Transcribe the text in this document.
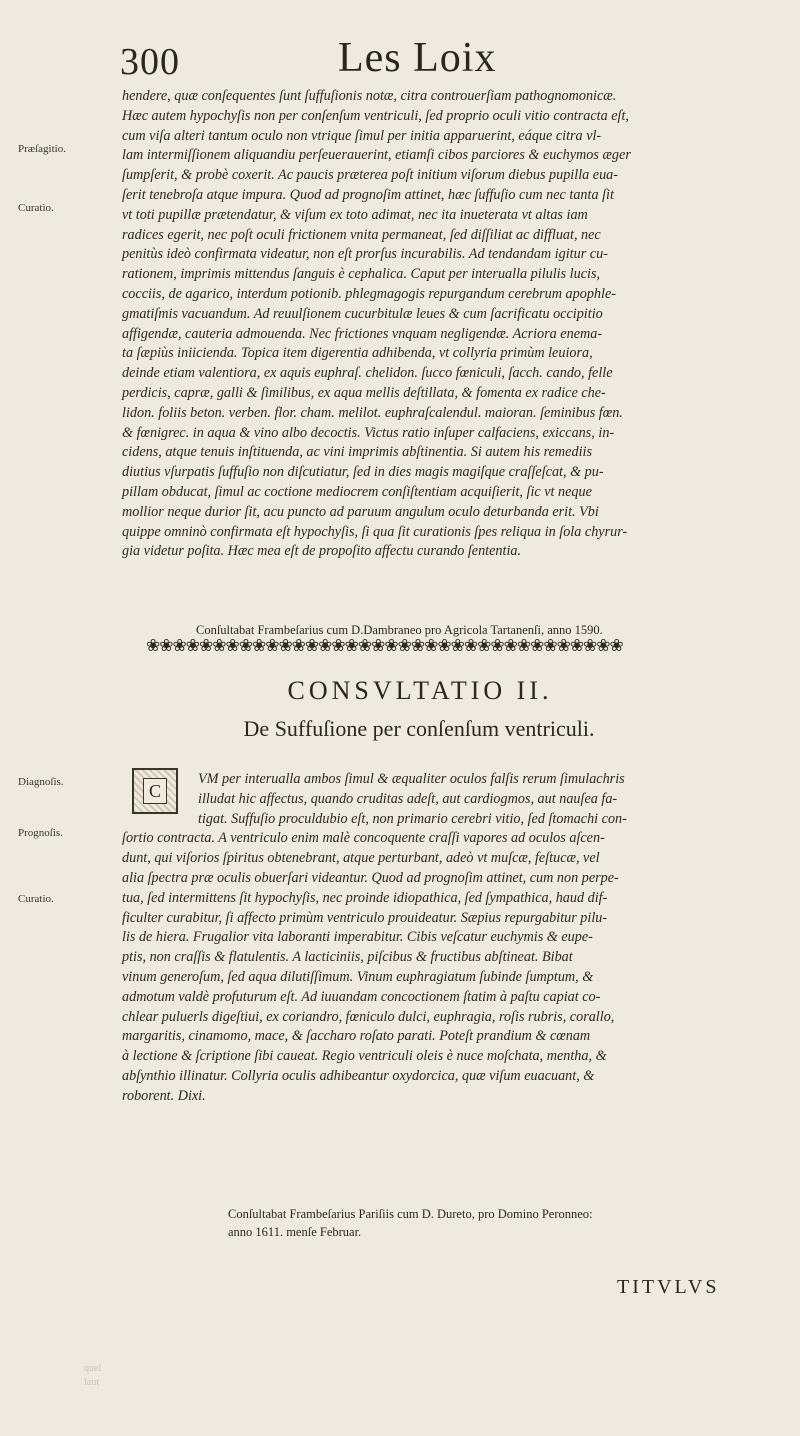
300	Les Loix
Præſagitio.
Curatio.
hendere, quæ conſequentes ſunt ſuffuſionis notæ, citra controuerſiam pathognomonicæ.
Hæc autem hypochyſis non per conſenſum ventriculi, ſed proprio oculi vitio contracta eſt,
cum viſa alteri tantum oculo non vtrique ſimul per initia apparuerint, eáque citra vl-
lam intermiſſionem aliquandiu perſeuerauerint, etiamſi cibos parciores & euchymos æger
ſumpſerit, & probè coxerit. Ac paucis præterea poſt initium viſorum diebus pupilla eua-
ſerit tenebroſa atque impura. Quod ad prognoſim attinet, hæc ſuffuſio cum nec tanta ſit
vt toti pupillæ prætendatur, & viſum ex toto adimat, nec ita inueterata vt altas iam
radices egerit, nec poſt oculi frictionem vnita permaneat, ſed diſſiliat ac diffluat, nec
penitùs ideò confirmata videatur, non eſt prorſus incurabilis. Ad tendandam igitur cu-
rationem, imprimis mittendus ſanguis è cephalica. Caput per interualla pilulis lucis,
cocciis, de agarico, interdum potionib. phlegmagogis repurgandum cerebrum apophle-
gmatiſmis vacuandum. Ad reuulſionem cucurbitulæ leues & cum ſacrificatu occipitio
affigendæ, cauteria admouenda. Nec frictiones vnquam negligendæ. Acriora enema-
ta ſæpiùs iniicienda. Topica item digerentia adhibenda, vt collyria primùm leuiora,
deinde etiam valentiora, ex aquis euphraſ. chelidon. ſucco fœniculi, ſacch. cando, felle
perdicis, capræ, galli & ſimilibus, ex aqua mellis deſtillata, & fomenta ex radice che-
lidon. foliis beton. verben. flor. cham. melilot. euphraſcalendul. maioran. ſeminibus fœn.
& fœnigrec. in aqua & vino albo decoctis. Victus ratio inſuper calfaciens, exiccans, in-
cidens, atque tenuis inſtituenda, ac vini imprimis abſtinentia. Si autem his remediis
diutius vſurpatis ſuffuſio non diſcutiatur, ſed in dies magis magiſque craſſeſcat, & pu-
pillam obducat, ſimul ac coctione mediocrem conſiſtentiam acquiſierit, ſic vt neque
mollior neque durior ſit, acu puncto ad paruum angulum oculo deturbanda erit. Vbi
quippe omninò confirmata eſt hypochyſis, ſi qua ſit curationis ſpes reliqua in ſola chyrur-
gia videtur poſita. Hæc mea eſt de propoſito affectu curando ſententia.
Conſultabat Frambeſarius cum D.Dambraneo pro Agricola Tartanenſi, anno 1590.
❀❀❀❀❀❀❀❀❀❀❀❀❀❀❀❀❀❀❀❀❀❀❀❀❀❀❀❀❀❀❀❀❀❀❀❀
CONSVLTATIO II.
De Suffuſione per conſenſum ventriculi.
Diagnoſis.
Prognoſis.
Curatio.
C
VM per interualla ambos ſimul & æqualiter oculos falſis rerum ſimulachris
illudat hic affectus, quando cruditas adeſt, aut cardiogmos, aut nauſea fa-
tigat. Suffuſio proculdubio eſt, non primario cerebri vitio, ſed ſtomachi con-
ſortio contracta. A ventriculo enim malè concoquente craſſi vapores ad oculos aſcen-
dunt, qui viſorios ſpiritus obtenebrant, atque perturbant, adeò vt muſcæ, feſtucæ, vel
alia ſpectra præ oculis obuerſari videantur. Quod ad prognoſim attinet, cum non perpe-
tua, ſed intermittens ſit hypochyſis, nec proinde idiopathica, ſed ſympathica, haud dif-
ficulter curabitur, ſi affecto primùm ventriculo prouideatur. Sæpius repurgabitur pilu-
lis de hiera. Frugalior vita laboranti imperabitur. Cibis veſcatur euchymis & eupe-
ptis, non craſſis & flatulentis. A lacticiniis, piſcibus & fructibus abſtineat. Bibat
vinum generoſum, ſed aqua dilutiſſimum. Vinum euphragiatum ſubinde ſumptum, &
admotum valdè profuturum eſt. Ad iuuandam concoctionem ſtatim à paſtu capiat co-
chlear puluerls digeſtiui, ex coriandro, fœniculo dulci, euphragia, roſis rubris, corallo,
margaritis, cinamomo, mace, & ſaccharo roſato parati. Poteſt prandium & cœnam
à lectione & ſcriptione ſibi caueat. Regio ventriculi oleis è nuce moſchata, mentha, &
abſynthio illinatur. Collyria oculis adhibeantur oxydorcica, quæ viſum euacuant, &
roborent. Dixi.
Conſultabat Frambeſarius Pariſiis cum D. Dureto, pro Domino Peronneo:
anno 1611. menſe Februar.
TITVLVS
quel
laut
